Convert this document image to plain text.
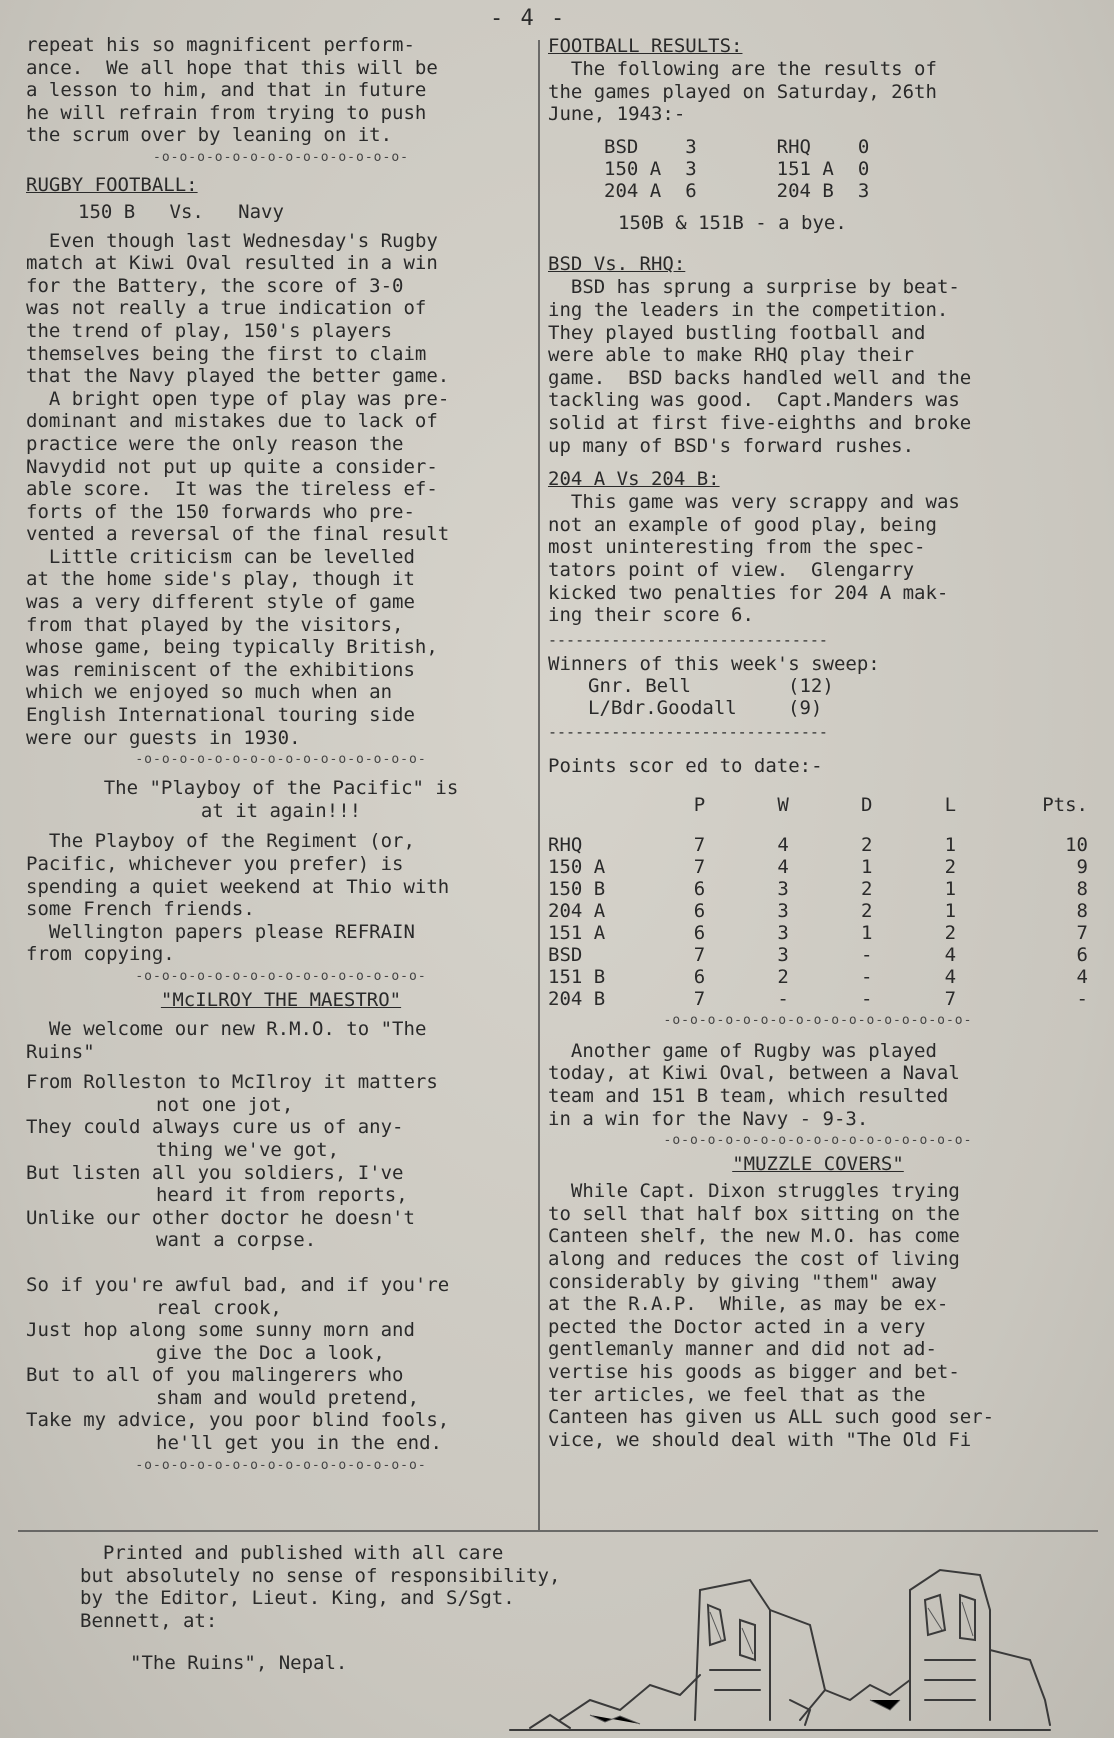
- 4 -

repeat his so magnificent perform-

ance.  We all hope that this will be

a lesson to him, and that in future

he will refrain from trying to push

the scrum over by leaning on it.

-o-o-o-o-o-o-o-o-o-o-o-o-o-o-

RUGBY FOOTBALL:

150 B   Vs.   Navy

Even though last Wednesday's Rugby

match at Kiwi Oval resulted in a win

for the Battery, the score of 3-0

was not really a true indication of

the trend of play, 150's players

themselves being the first to claim

that the Navy played the better game.

A bright open type of play was pre-

dominant and mistakes due to lack of

practice were the only reason the

Navydid not put up quite a consider-

able score.  It was the tireless ef-

forts of the 150 forwards who pre-

vented a reversal of the final result

Little criticism can be levelled

at the home side's play, though it

was a very different style of game

from that played by the visitors,

whose game, being typically British,

was reminiscent of the exhibitions

which we enjoyed so much when an

English International touring side

were our guests in 1930.

-o-o-o-o-o-o-o-o-o-o-o-o-o-o-o-o-

The "Playboy of the Pacific" is

at it again!!!

The Playboy of the Regiment (or,

Pacific, whichever you prefer) is

spending a quiet weekend at Thio with

some French friends.

Wellington papers please REFRAIN

from copying.

-o-o-o-o-o-o-o-o-o-o-o-o-o-o-o-o-

"McILROY THE MAESTRO"

We welcome our new R.M.O. to "The

Ruins"

From Rolleston to McIlroy it matters

not one jot,

They could always cure us of any-

thing we've got,

But listen all you soldiers, I've

heard it from reports,

Unlike our other doctor he doesn't

want a corpse.

So if you're awful bad, and if you're

real crook,

Just hop along some sunny morn and

give the Doc a look,

But to all of you malingerers who

sham and would pretend,

Take my advice, you poor blind fools,

he'll get you in the end.

-o-o-o-o-o-o-o-o-o-o-o-o-o-o-o-o-

FOOTBALL RESULTS:

The following are the results of

the games played on Saturday, 26th

June, 1943:-

BSD	3	RHQ	0
150 A	3	151 A	0
204 A	6	204 B	3

150B & 151B - a bye.

BSD Vs. RHQ:

BSD has sprung a surprise by beat-

ing the leaders in the competition.

They played bustling football and

were able to make RHQ play their

game.  BSD backs handled well and the

tackling was good.  Capt.Manders was

solid at first five-eighths and broke

up many of BSD's forward rushes.

204 A Vs 204 B:

This game was very scrappy and was

not an example of good play, being

most uninteresting from the spec-

tators point of view.  Glengarry

kicked two penalties for 204 A mak-

ing their score 6.

-------------------------------

Winners of this week's sweep:

Gnr. Bell	(12)
L/Bdr.Goodall	(9)
-------------------------------

Points scor ed to date:-

	P	W	D	L	Pts.

RHQ	7	4	2	1	10
150 A	7	4	1	2	9
150 B	6	3	2	1	8
204 A	6	3	2	1	8
151 A	6	3	1	2	7
BSD	7	3	-	4	6
151 B	6	2	-	4	4
204 B	7	-	-	7	-
-o-o-o-o-o-o-o-o-o-o-o-o-o-o-o-o-o-

Another game of Rugby was played

today, at Kiwi Oval, between a Naval

team and 151 B team, which resulted

in a win for the Navy - 9-3.

-o-o-o-o-o-o-o-o-o-o-o-o-o-o-o-o-o-

"MUZZLE COVERS"

While Capt. Dixon struggles trying

to sell that half box sitting on the

Canteen shelf, the new M.O. has come

along and reduces the cost of living

considerably by giving "them" away

at the R.A.P.  While, as may be ex-

pected the Doctor acted in a very

gentlemanly manner and did not ad-

vertise his goods as bigger and bet-

ter articles, we feel that as the

Canteen has given us ALL such good ser-

vice, we should deal with "The Old Fi

Printed and published with all care

but absolutely no sense of responsibility,

by the Editor, Lieut. King, and S/Sgt.

Bennett, at:

"The Ruins", Nepal.
